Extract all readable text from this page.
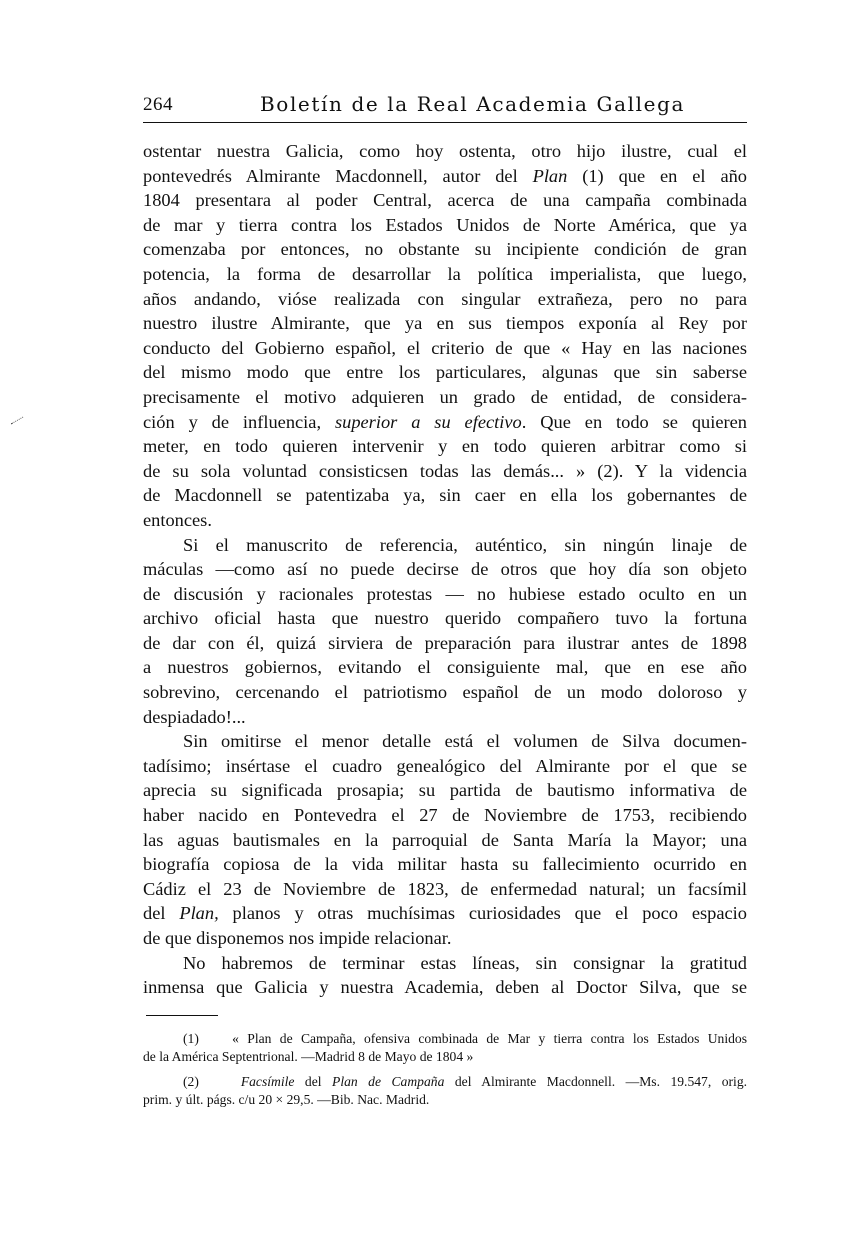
264	Boletín de la Real Academia Gallega
ostentar nuestra Galicia, como hoy ostenta, otro hijo ilustre, cual el
pontevedrés Almirante Macdonnell, autor del Plan (1) que en el año
1804 presentara al poder Central, acerca de una campaña combinada
de mar y tierra contra los Estados Unidos de Norte América, que ya
comenzaba por entonces, no obstante su incipiente condición de gran
potencia, la forma de desarrollar la política imperialista, que luego,
años andando, vióse realizada con singular extrañeza, pero no para
nuestro ilustre Almirante, que ya en sus tiempos exponía al Rey por
conducto del Gobierno español, el criterio de que « Hay en las naciones
del mismo modo que entre los particulares, algunas que sin saberse
precisamente el motivo adquieren un grado de entidad, de considera-
ción y de influencia, superior a su efectivo. Que en todo se quieren
meter, en todo quieren intervenir y en todo quieren arbitrar como si
de su sola voluntad consisticsen todas las demás... » (2). Y la videncia
de Macdonnell se patentizaba ya, sin caer en ella los gobernantes de
entonces.
Si el manuscrito de referencia, auténtico, sin ningún linaje de
máculas —como así no puede decirse de otros que hoy día son objeto
de discusión y racionales protestas — no hubiese estado oculto en un
archivo oficial hasta que nuestro querido compañero tuvo la fortuna
de dar con él, quizá sirviera de preparación para ilustrar antes de 1898
a nuestros gobiernos, evitando el consiguiente mal, que en ese año
sobrevino, cercenando el patriotismo español de un modo doloroso y
despiadado!...
Sin omitirse el menor detalle está el volumen de Silva documen-
tadísimo; insértase el cuadro genealógico del Almirante por el que se
aprecia su significada prosapia; su partida de bautismo informativa de
haber nacido en Pontevedra el 27 de Noviembre de 1753, recibiendo
las aguas bautismales en la parroquial de Santa María la Mayor; una
biografía copiosa de la vida militar hasta su fallecimiento ocurrido en
Cádiz el 23 de Noviembre de 1823, de enfermedad natural; un facsímil
del Plan, planos y otras muchísimas curiosidades que el poco espacio
de que disponemos nos impide relacionar.
No habremos de terminar estas líneas, sin consignar la gratitud
inmensa que Galicia y nuestra Academia, deben al Doctor Silva, que se
(1) « Plan de Campaña, ofensiva combinada de Mar y tierra contra los Estados Unidos
de la América Septentrional. —Madrid 8 de Mayo de 1804 »
(2)	Facsímile del Plan de Campaña del Almirante Macdonnell. —Ms. 19.547, orig.
prim. y últ. págs. c/u 20 × 29,5. —Bib. Nac. Madrid.
